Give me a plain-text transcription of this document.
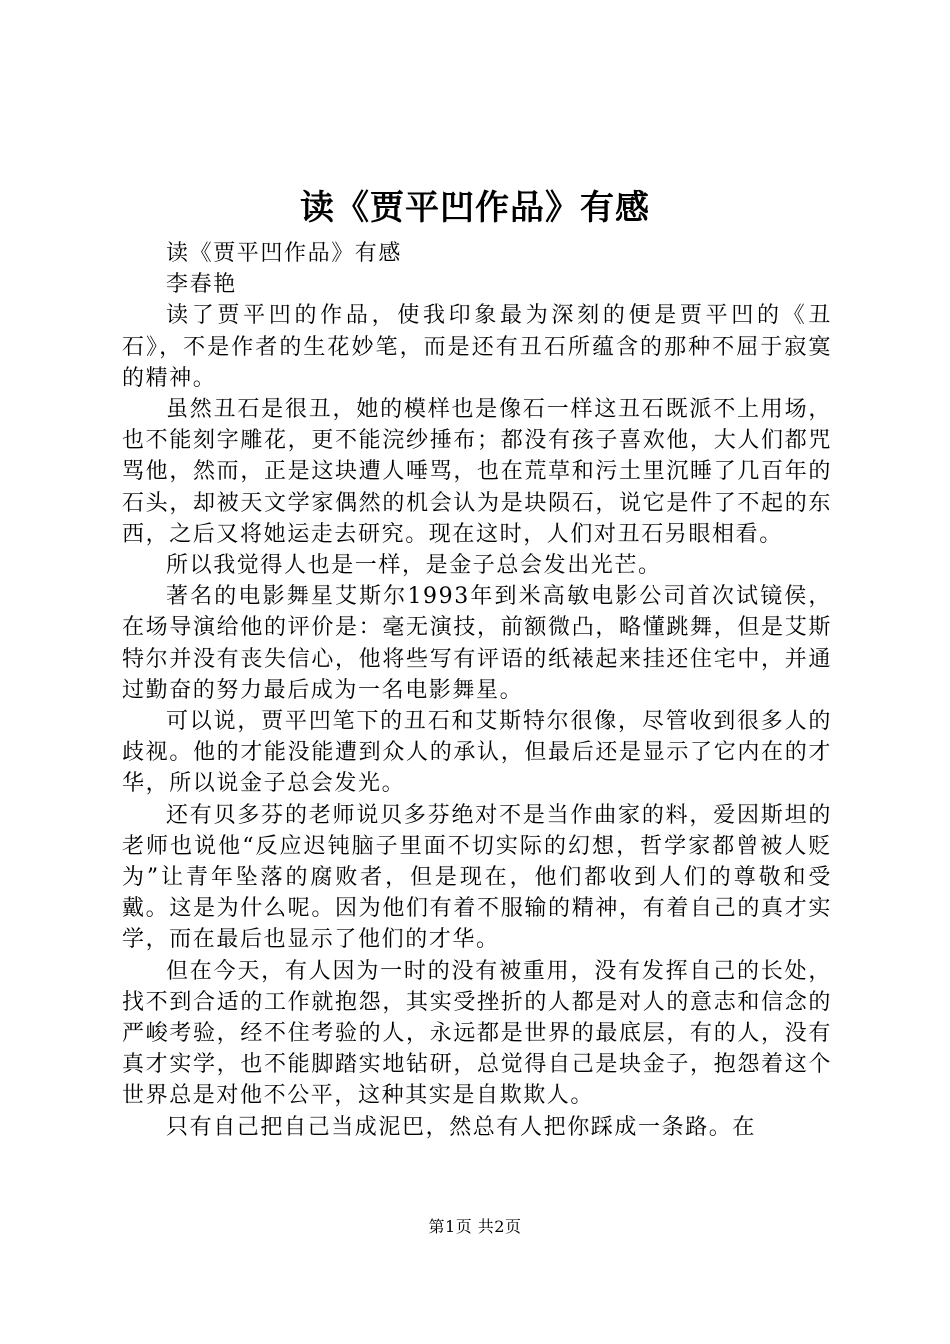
读《贾平凹作品》有感

读《贾平凹作品》有感

李春艳

读了贾平凹的作品，使我印象最为深刻的便是贾平凹的《丑石》，不是作者的生花妙笔，而是还有丑石所蕴含的那种不屈于寂寞的精神。

虽然丑石是很丑，她的模样也是像石一样这丑石既派不上用场，也不能刻字雕花，更不能浣纱捶布；都没有孩子喜欢他，大人们都咒骂他，然而，正是这块遭人唾骂，也在荒草和污土里沉睡了几百年的石头，却被天文学家偶然的机会认为是块陨石，说它是件了不起的东西，之后又将她运走去研究。现在这时，人们对丑石另眼相看。

所以我觉得人也是一样，是金子总会发出光芒。

著名的电影舞星艾斯尔1993年到米高敏电影公司首次试镜侯，在场导演给他的评价是：毫无演技，前额微凸，略懂跳舞，但是艾斯特尔并没有丧失信心，他将些写有评语的纸裱起来挂还住宅中，并通过勤奋的努力最后成为一名电影舞星。

可以说，贾平凹笔下的丑石和艾斯特尔很像，尽管收到很多人的歧视。他的才能没能遭到众人的承认，但最后还是显示了它内在的才华，所以说金子总会发光。

还有贝多芬的老师说贝多芬绝对不是当作曲家的料，爱因斯坦的老师也说他“反应迟钝脑子里面不切实际的幻想，哲学家都曾被人贬为”让青年坠落的腐败者，但是现在，他们都收到人们的尊敬和受戴。这是为什么呢。因为他们有着不服输的精神，有着自己的真才实学，而在最后也显示了他们的才华。

但在今天，有人因为一时的没有被重用，没有发挥自己的长处，找不到合适的工作就抱怨，其实受挫折的人都是对人的意志和信念的严峻考验，经不住考验的人，永远都是世界的最底层，有的人，没有真才实学，也不能脚踏实地钻研，总觉得自己是块金子，抱怨着这个世界总是对他不公平，这种其实是自欺欺人。

只有自己把自己当成泥巴，然总有人把你踩成一条路。在

第1页 共2页
